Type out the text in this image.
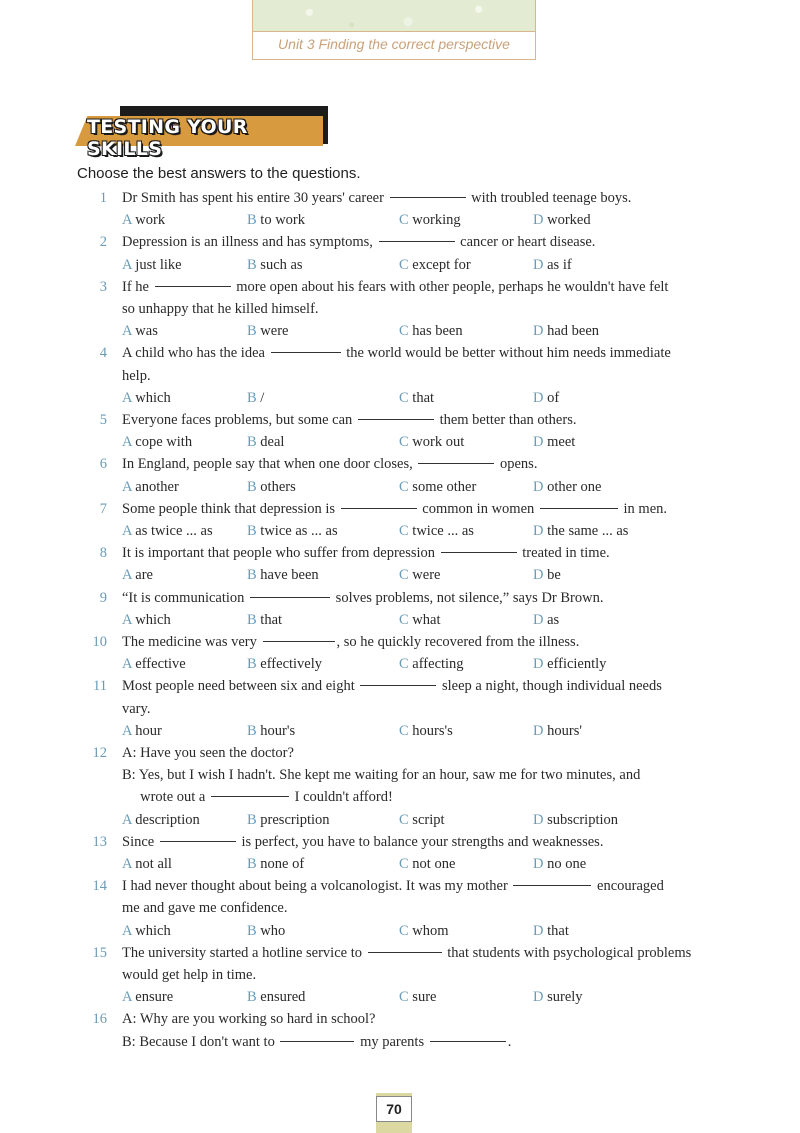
Unit 3 Finding the correct perspective
TESTING YOUR SKILLS
Choose the best answers to the questions.
1 Dr Smith has spent his entire 30 years' career	with troubled teenage boys.
A work	B to work	C working	D worked
2 Depression is an illness and has symptoms,	cancer or heart disease.
A just like	B such as	C except for	D as if
3 If he	more open about his fears with other people, perhaps he wouldn't have felt
so unhappy that he killed himself.
A was	B were	C has been	D had been
4 A child who has the idea	the world would be better without him needs immediate
help.
A which	B /	C that	D of
5 Everyone faces problems, but some can	them better than others.
A cope with	B deal	C work out	D meet
6 In England, people say that when one door closes,	opens.
A another	B others	C some other	D other one
7 Some people think that depression is	common in women	in men.
A as twice ... as B twice as ... as	C twice ... as	D the same ... as
8 It is important that people who suffer from depression	treated in time.
A are	B have been	C were	D be
9 “It is communication	solves problems, not silence,” says Dr Brown.
A which	B that	C what	D as
10 The medicine was very	, so he quickly recovered from the illness.
A effective	B effectively	C affecting	D efficiently
11 Most people need between six and eight	sleep a night, though individual needs
vary.
A hour	B hour's	C hours's	D hours'
12 A: Have you seen the doctor?
B: Yes, but I wish I hadn't. She kept me waiting for an hour, saw me for two minutes, and
wrote out a	I couldn't afford!
A description	B prescription	C script	D subscription
13 Since	is perfect, you have to balance your strengths and weaknesses.
A not all	B none of	C not one	D no one
14 I had never thought about being a volcanologist. It was my mother	encouraged
me and gave me confidence.
A which	B who	C whom	D that
15 The university started a hotline service to	that students with psychological problems
would get help in time.
A ensure	B ensured	C sure	D surely
16 A: Why are you working so hard in school?
B: Because I don't want to	my parents	.
70
